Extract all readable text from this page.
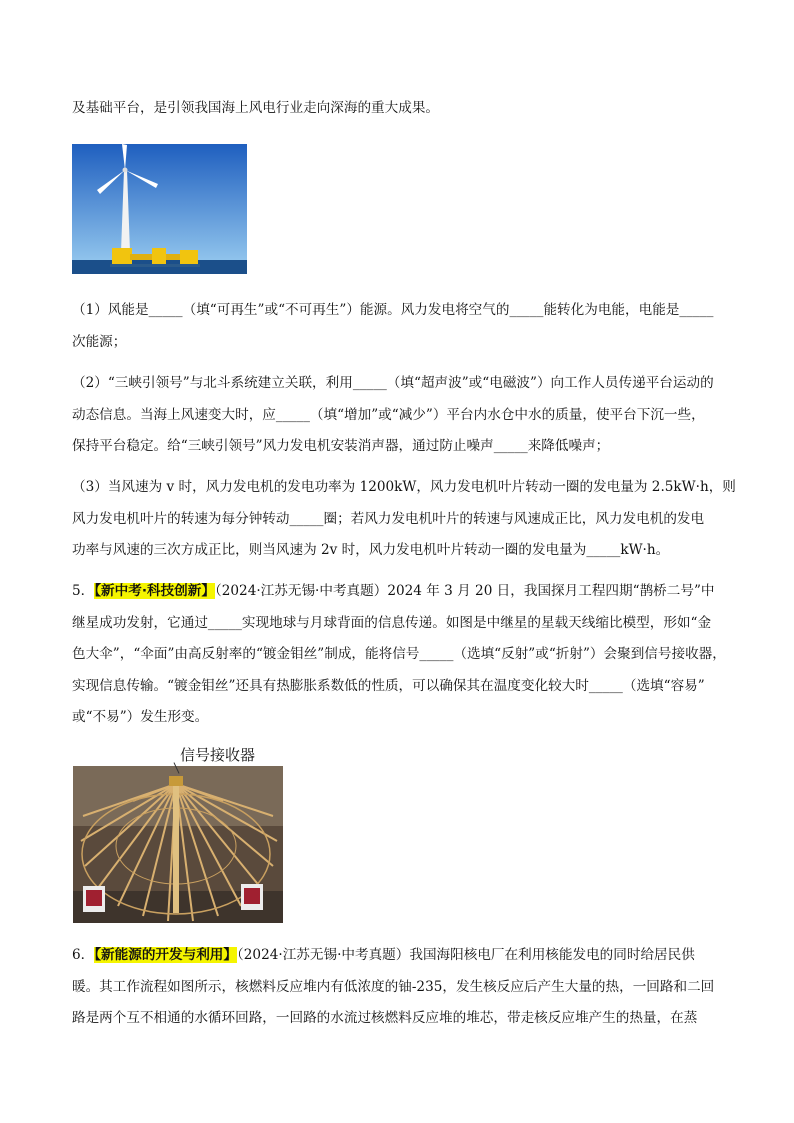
及基础平台，是引领我国海上风电行业走向深海的重大成果。
（1）风能是_____（填“可再生”或“不可再生”）能源。风力发电将空气的_____能转化为电能，电能是_____
次能源；
（2）“三峡引领号”与北斗系统建立关联，利用_____（填“超声波”或“电磁波”）向工作人员传递平台运动的
动态信息。当海上风速变大时，应_____（填“增加”或“减少”）平台内水仓中水的质量，使平台下沉一些，
保持平台稳定。给“三峡引领号”风力发电机安装消声器，通过防止噪声_____来降低噪声；
（3）当风速为 v 时，风力发电机的发电功率为 1200kW，风力发电机叶片转动一圈的发电量为 2.5kW·h，则
风力发电机叶片的转速为每分钟转动_____圈；若风力发电机叶片的转速与风速成正比，风力发电机的发电
功率与风速的三次方成正比，则当风速为 2v 时，风力发电机叶片转动一圈的发电量为_____kW·h。
5．【新中考·科技创新】（2024·江苏无锡·中考真题）2024 年 3 月 20 日，我国探月工程四期“鹊桥二号”中
继星成功发射，它通过_____实现地球与月球背面的信息传递。如图是中继星的星载天线缩比模型，形如“金
色大伞”，“伞面”由高反射率的“镀金钼丝”制成，能将信号_____（选填“反射”或“折射”）会聚到信号接收器，
实现信息传输。“镀金钼丝”还具有热膨胀系数低的性质，可以确保其在温度变化较大时_____（选填“容易”
或“不易”）发生形变。
信号接收器
6．【新能源的开发与利用】（2024·江苏无锡·中考真题）我国海阳核电厂在利用核能发电的同时给居民供
暖。其工作流程如图所示，核燃料反应堆内有低浓度的铀-235，发生核反应后产生大量的热，一回路和二回
路是两个互不相通的水循环回路，一回路的水流过核燃料反应堆的堆芯，带走核反应堆产生的热量，在蒸
